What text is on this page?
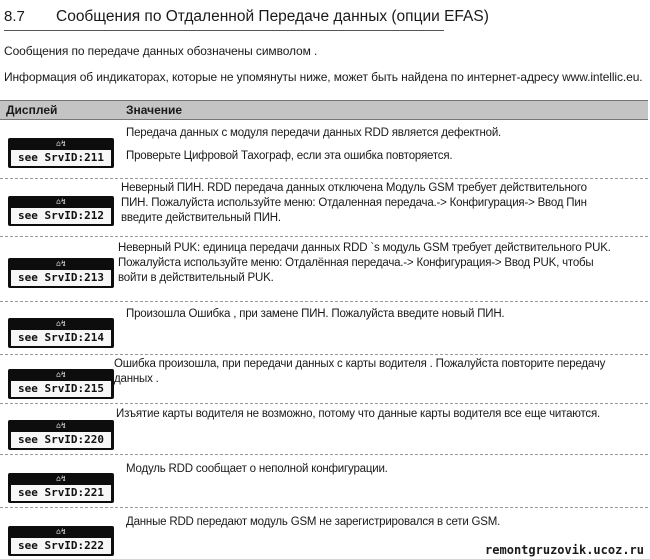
8.7 Сообщения по Отдаленной Передаче данных (опции EFAS)
Сообщения по передаче данных обозначены символом .
Информация об индикаторах, которые не упомянуты ниже, может быть найдена по интернет-адресу www.intellic.eu.
Дисплей	Значение
⌂↯
see SrvID:211
Передача данных с модуля передачи данных RDD является дефектной.
Проверьте Цифровой Тахограф, если эта ошибка повторяется.
⌂↯
see SrvID:212
Неверный ПИН. RDD передача данных отключена Модуль GSM требует действительного
ПИН. Пожалуйста используйте меню: Отдаленная передача.-> Конфигурация-> Ввод Пин
введите действительный ПИН.
⌂↯
see SrvID:213
Неверный PUK: единица передачи данных RDD `s модуль GSM требует действительного PUK.
Пожалуйста используйте меню: Отдалённая передача.-> Конфигурация-> Ввод PUK, чтобы
войти в действительный PUK.
⌂↯
see SrvID:214
Произошла Ошибка , при замене ПИН. Пожалуйста введите новый ПИН.
⌂↯
see SrvID:215
Ошибка произошла, при передачи данных с карты водителя . Пожалуйста повторите передачу
данных .
⌂↯
see SrvID:220
Изъятие карты водителя не возможно, потому что данные карты водителя все еще читаются.
⌂↯
see SrvID:221
Модуль RDD сообщает о неполной конфигурации.
⌂↯
see SrvID:222
Данные RDD передают модуль GSM не зарегистрировался в сети GSM.
remontgruzovik.ucoz.ru
